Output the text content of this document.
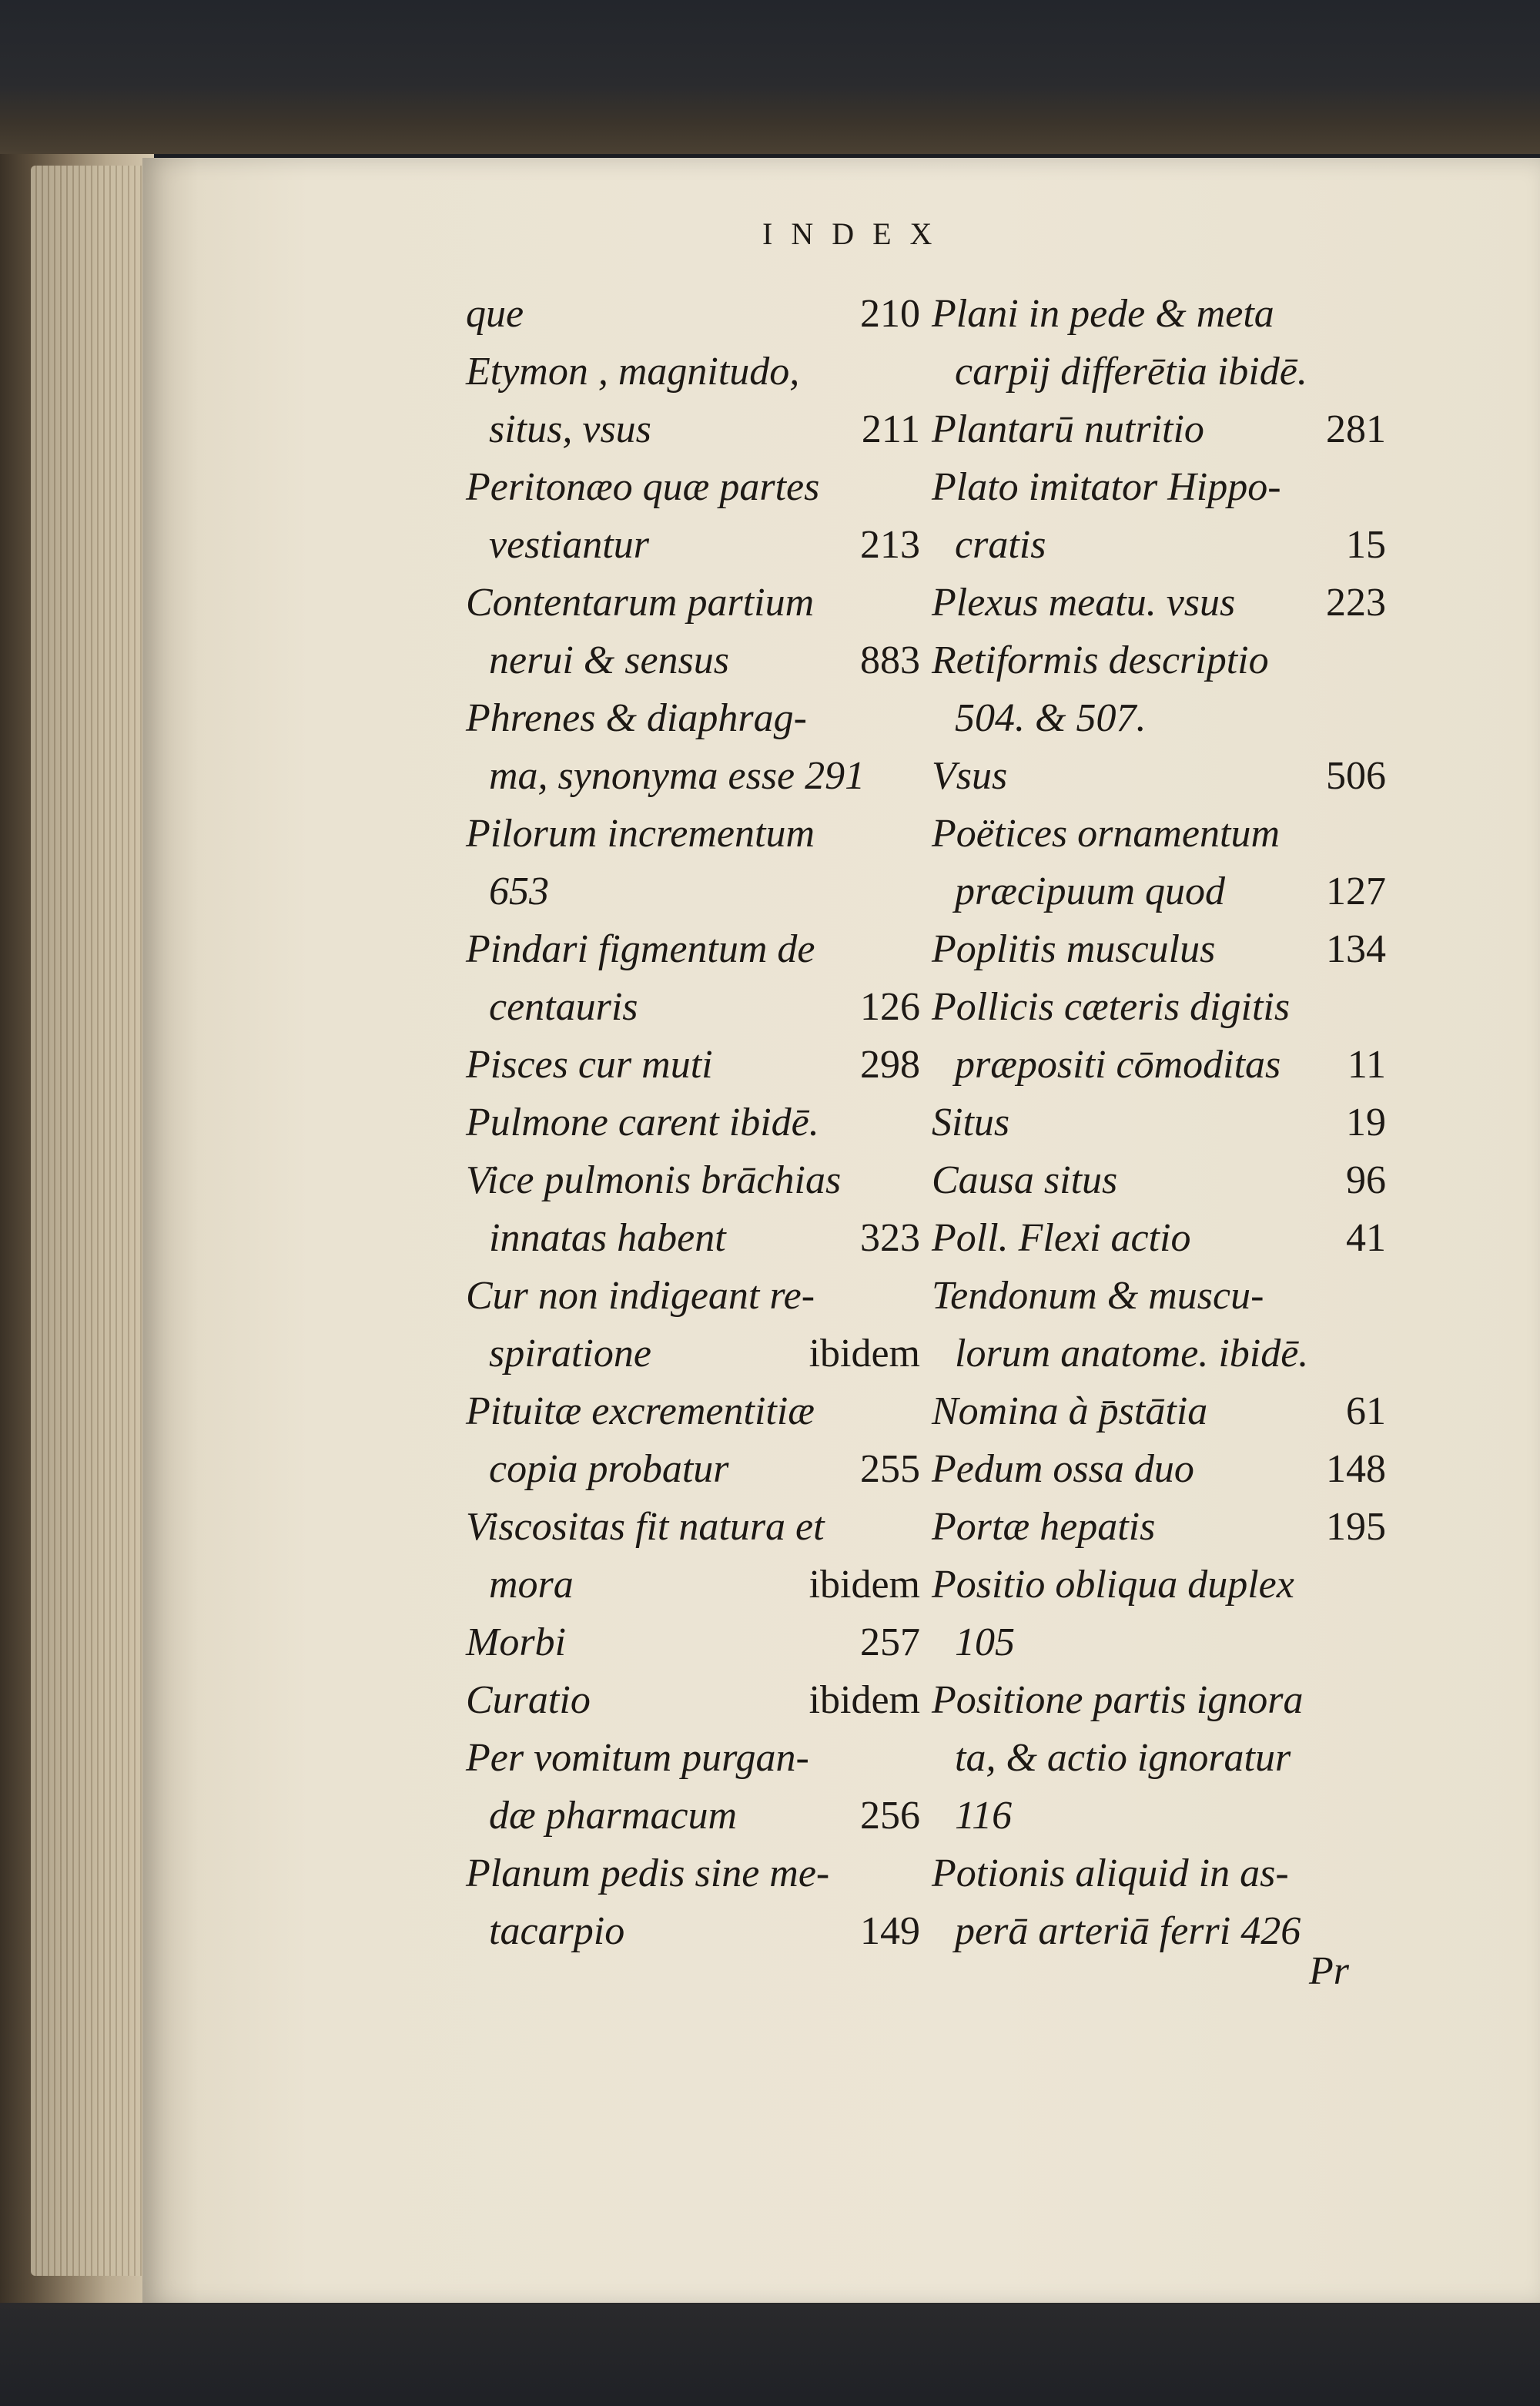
INDEX
que	210
Etymon , magnitudo,
situs, vsus	211
Peritonæo quæ partes
vestiantur	213
Contentarum partium
nerui & sensus	883
Phrenes & diaphrag-
ma, synonyma esse 291
Pilorum incrementum
653
Pindari figmentum de
centauris	126
Pisces cur muti	298
Pulmone carent ibidē.
Vice pulmonis brāchias
innatas habent	323
Cur non indigeant re-
spiratione	ibidem
Pituitæ excrementitiæ
copia probatur	255
Viscositas fit natura et
mora	ibidem
Morbi	257
Curatio	ibidem
Per vomitum purgan-
dæ pharmacum	256
Planum pedis sine me-
tacarpio	149
Plani in pede & meta
carpij differētia ibidē.
Plantarū nutritio	281
Plato imitator Hippo-
cratis	15
Plexus meatu. vsus 223
Retiformis descriptio
504. & 507.
Vsus	506
Poëtices ornamentum
præcipuum quod	127
Poplitis musculus	134
Pollicis cæteris digitis
præpositi cōmoditas 11
Situs	19
Causa situs	96
Poll. Flexi actio	41
Tendonum & muscu-
lorum anatome. ibidē.
Nomina à p̄stātia	61
Pedum ossa duo	148
Portæ hepatis	195
Positio obliqua duplex
105
Positione partis ignora
ta, & actio ignoratur
116
Potionis aliquid in as-
perā arteriā ferri 426
Pr
